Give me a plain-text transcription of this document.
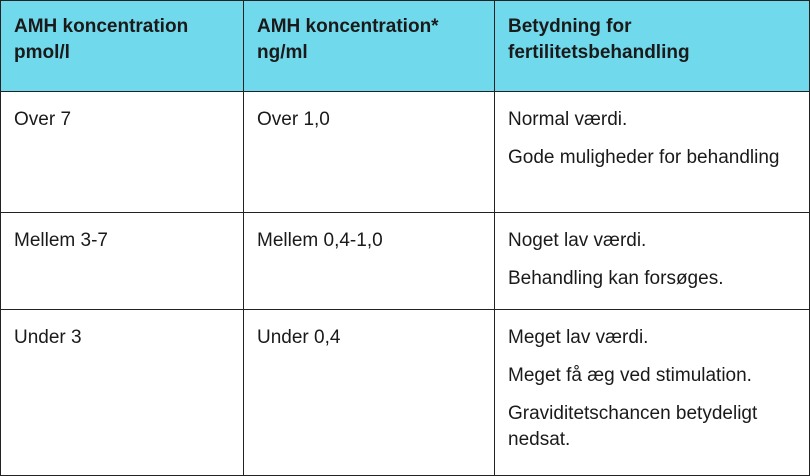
AMH koncentration pmol/l	AMH koncentration* ng/ml	Betydning for fertilitetsbehandling
Over 7	Over 1,0	Normal værdi.
Gode muligheder for behandling

Mellem 3-7	Mellem 0,4-1,0	Noget lav værdi.
Behandling kan forsøges.

Under 3	Under 0,4	Meget lav værdi.
Meget få æg ved stimulation.
Graviditetschancen betydeligt nedsat.
